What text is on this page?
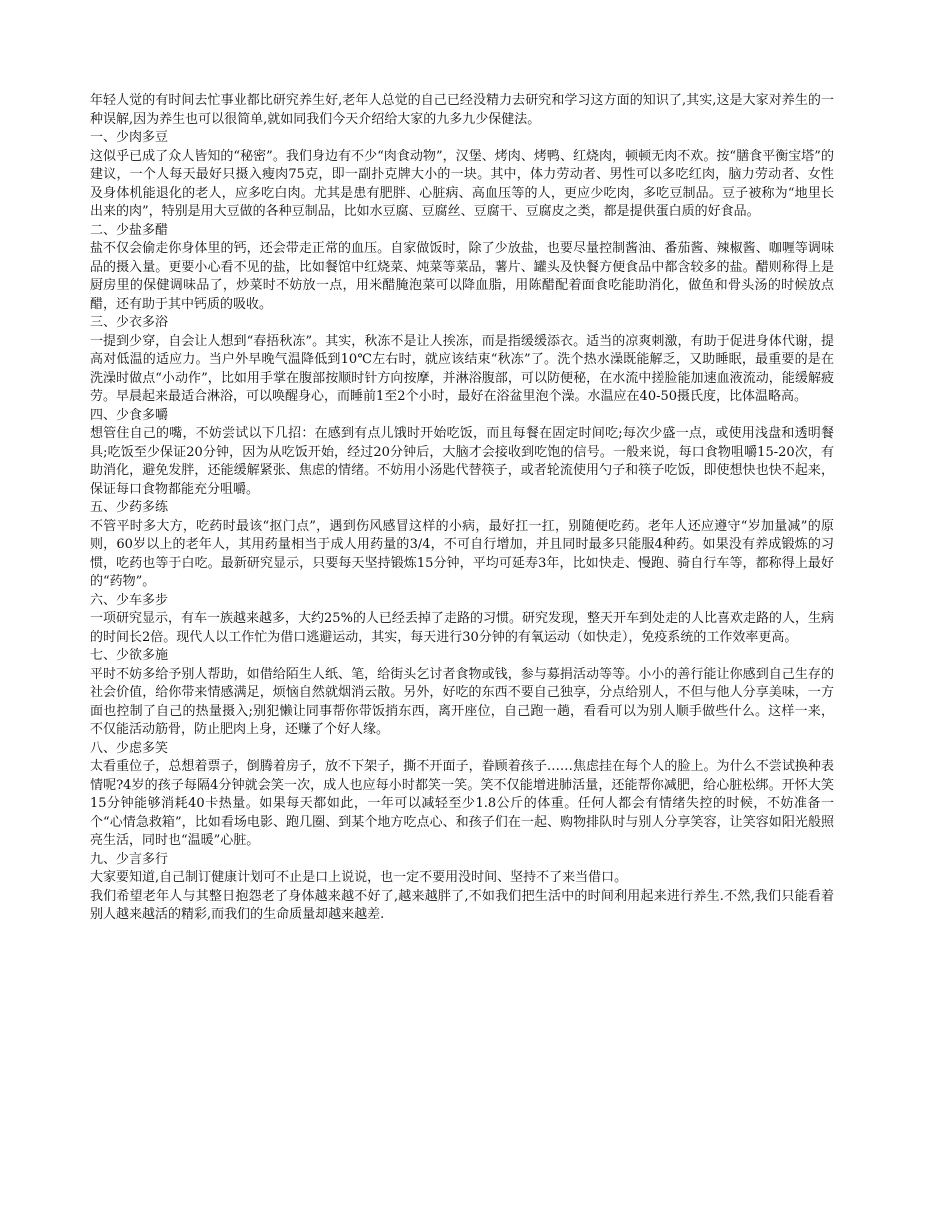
年轻人觉的有时间去忙事业都比研究养生好,老年人总觉的自己已经没精力去研究和学习这方面的知识了,其实,这是大家对养生的一种误解,因为养生也可以很简单,就如同我们今天介绍给大家的九多九少保健法。

一、少肉多豆

这似乎已成了众人皆知的“秘密”。我们身边有不少“肉食动物”，汉堡、烤肉、烤鸭、红烧肉，顿顿无肉不欢。按“膳食平衡宝塔”的建议，一个人每天最好只摄入瘦肉75克，即一副扑克牌大小的一块。其中，体力劳动者、男性可以多吃红肉，脑力劳动者、女性及身体机能退化的老人，应多吃白肉。尤其是患有肥胖、心脏病、高血压等的人，更应少吃肉，多吃豆制品。豆子被称为“地里长出来的肉”，特别是用大豆做的各种豆制品，比如水豆腐、豆腐丝、豆腐干、豆腐皮之类，都是提供蛋白质的好食品。

二、少盐多醋

盐不仅会偷走你身体里的钙，还会带走正常的血压。自家做饭时，除了少放盐，也要尽量控制酱油、番茄酱、辣椒酱、咖喱等调味品的摄入量。更要小心看不见的盐，比如餐馆中红烧菜、炖菜等菜品，薯片、罐头及快餐方便食品中都含较多的盐。醋则称得上是厨房里的保健调味品了，炒菜时不妨放一点，用米醋腌泡菜可以降血脂，用陈醋配着面食吃能助消化，做鱼和骨头汤的时候放点醋，还有助于其中钙质的吸收。

三、少衣多浴

一提到少穿，自会让人想到“春捂秋冻”。其实，秋冻不是让人挨冻，而是指缓缓添衣。适当的凉爽刺激，有助于促进身体代谢，提高对低温的适应力。当户外早晚气温降低到10℃左右时，就应该结束“秋冻”了。洗个热水澡既能解乏，又助睡眠，最重要的是在洗澡时做点“小动作”，比如用手掌在腹部按顺时针方向按摩，并淋浴腹部，可以防便秘，在水流中搓脸能加速血液流动，能缓解疲劳。早晨起来最适合淋浴，可以唤醒身心，而睡前1至2个小时，最好在浴盆里泡个澡。水温应在40-50摄氏度，比体温略高。

四、少食多嚼

想管住自己的嘴，不妨尝试以下几招：在感到有点儿饿时开始吃饭，而且每餐在固定时间吃;每次少盛一点，或使用浅盘和透明餐具;吃饭至少保证20分钟，因为从吃饭开始，经过20分钟后，大脑才会接收到吃饱的信号。一般来说，每口食物咀嚼15-20次，有助消化，避免发胖，还能缓解紧张、焦虑的情绪。不妨用小汤匙代替筷子，或者轮流使用勺子和筷子吃饭，即使想快也快不起来，保证每口食物都能充分咀嚼。

五、少药多练

不管平时多大方，吃药时最该“抠门点”，遇到伤风感冒这样的小病，最好扛一扛，别随便吃药。老年人还应遵守“岁加量减”的原则，60岁以上的老年人，其用药量相当于成人用药量的3/4，不可自行增加，并且同时最多只能服4种药。如果没有养成锻炼的习惯，吃药也等于白吃。最新研究显示，只要每天坚持锻炼15分钟，平均可延寿3年，比如快走、慢跑、骑自行车等，都称得上最好的“药物”。

六、少车多步

一项研究显示，有车一族越来越多，大约25%的人已经丢掉了走路的习惯。研究发现，整天开车到处走的人比喜欢走路的人，生病的时间长2倍。现代人以工作忙为借口逃避运动，其实，每天进行30分钟的有氧运动（如快走），免疫系统的工作效率更高。

七、少欲多施

平时不妨多给予别人帮助，如借给陌生人纸、笔，给街头乞讨者食物或钱，参与募捐活动等等。小小的善行能让你感到自己生存的社会价值，给你带来情感满足，烦恼自然就烟消云散。另外，好吃的东西不要自己独享，分点给别人，不但与他人分享美味，一方面也控制了自己的热量摄入;别犯懒让同事帮你带饭捎东西，离开座位，自己跑一趟，看看可以为别人顺手做些什么。这样一来，不仅能活动筋骨，防止肥肉上身，还赚了个好人缘。

八、少虑多笑

太看重位子，总想着票子，倒腾着房子，放不下架子，撕不开面子，眷顾着孩子……焦虑挂在每个人的脸上。为什么不尝试换种表情呢?4岁的孩子每隔4分钟就会笑一次，成人也应每小时都笑一笑。笑不仅能增进肺活量，还能帮你减肥，给心脏松绑。开怀大笑15分钟能够消耗40卡热量。如果每天都如此，一年可以减轻至少1.8公斤的体重。任何人都会有情绪失控的时候，不妨准备一个“心情急救箱”，比如看场电影、跑几圈、到某个地方吃点心、和孩子们在一起、购物排队时与别人分享笑容，让笑容如阳光般照亮生活，同时也“温暖”心脏。

九、少言多行

大家要知道,自己制订健康计划可不止是口上说说，也一定不要用没时间、坚持不了来当借口。

我们希望老年人与其整日抱怨老了身体越来越不好了,越来越胖了,不如我们把生活中的时间利用起来进行养生.不然,我们只能看着别人越来越活的精彩,而我们的生命质量却越来越差.
